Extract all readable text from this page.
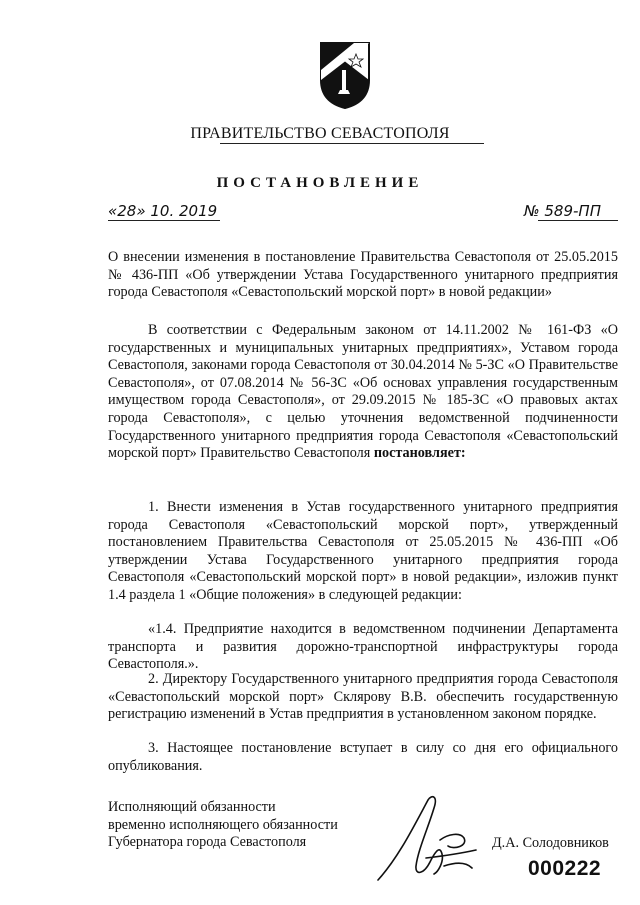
ПРАВИТЕЛЬСТВО СЕВАСТОПОЛЯ
ПОСТАНОВЛЕНИЕ
«28» 10. 2019	№ 589-ПП
О внесении изменения в постановление Правительства Севастополя от 25.05.2015 № 436-ПП «Об утверждении Устава Государственного унитарного предприятия города Севастополя «Севастопольский морской порт» в новой редакции»
В соответствии с Федеральным законом от 14.11.2002 № 161-ФЗ «О государственных и муниципальных унитарных предприятиях», Уставом города Севастополя, законами города Севастополя от 30.04.2014 № 5-ЗС «О Правительстве Севастополя», от 07.08.2014 № 56-ЗС «Об основах управления государственным имуществом города Севастополя», от 29.09.2015 № 185-ЗС «О правовых актах города Севастополя», с целью уточнения ведомственной подчиненности Государственного унитарного предприятия города Севастополя «Севастопольский морской порт» Правительство Севастополя постановляет:
1. Внести изменения в Устав государственного унитарного предприятия города Севастополя «Севастопольский морской порт», утвержденный постановлением Правительства Севастополя от 25.05.2015 № 436-ПП «Об утверждении Устава Государственного унитарного предприятия города Севастополя «Севастопольский морской порт» в новой редакции», изложив пункт 1.4 раздела 1 «Общие положения» в следующей редакции:
«1.4. Предприятие находится в ведомственном подчинении Департамента транспорта и развития дорожно-транспортной инфраструктуры города Севастополя.».
2. Директору Государственного унитарного предприятия города Севастополя «Севастопольский морской порт» Склярову В.В. обеспечить государственную регистрацию изменений в Устав предприятия в установленном законом порядке.
3. Настоящее постановление вступает в силу со дня его официального опубликования.
Исполняющий обязанности
временно исполняющего обязанности
Губернатора города Севастополя	Д.А. Солодовников
000222
